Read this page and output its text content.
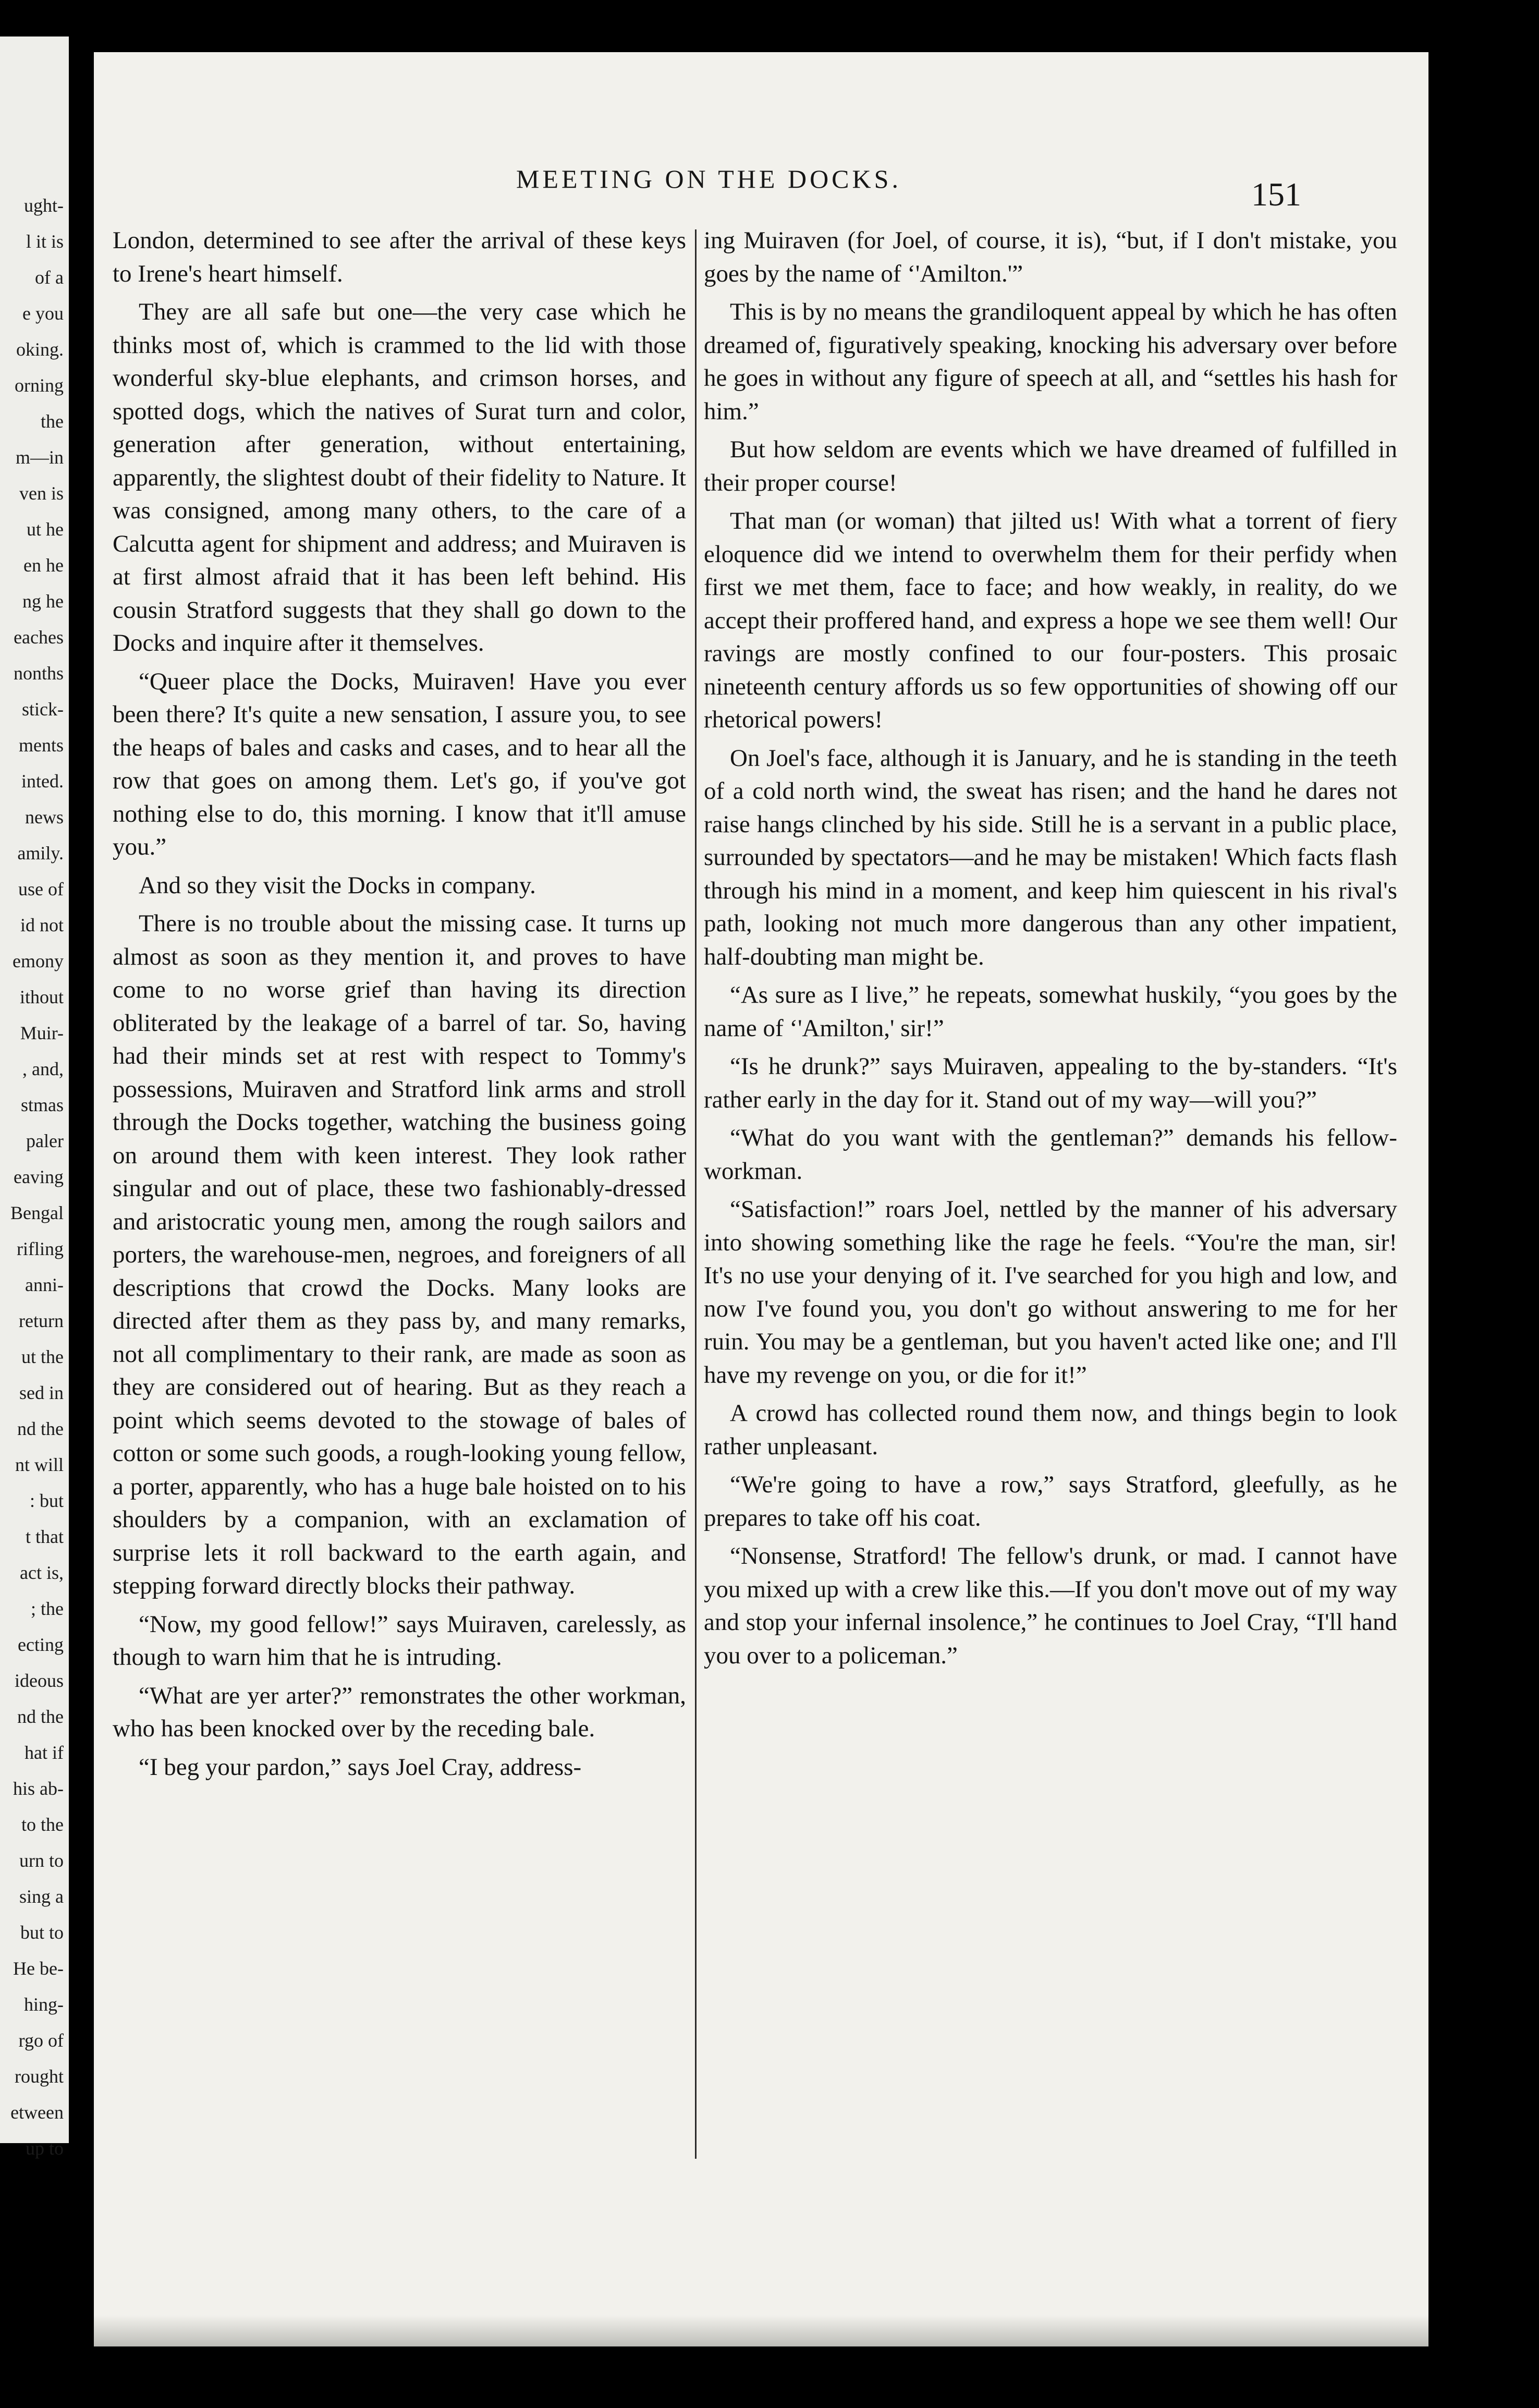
ught-
l it is
of a
e you
oking.
orning
the
m—in
ven is
ut he
en he
ng he
eaches
nonths
stick-
ments
inted.
news
amily.
use of
id not
emony
ithout
Muir-
, and,
stmas
paler
eaving
Bengal
rifling
anni-
return
ut the
sed in
nd the
nt will
: but
t that
act is,
; the
ecting
ideous
nd the
hat if
his ab-
to the
urn to
sing a
but to
He be-
hing-
rgo of
rought
etween
up to
MEETING ON THE DOCKS.	151

London, determined to see after the arrival of these keys to Irene's heart himself.

They are all safe but one—the very case which he thinks most of, which is crammed to the lid with those wonderful sky-blue elephants, and crimson horses, and spotted dogs, which the natives of Surat turn and color, generation after generation, without entertaining, apparently, the slightest doubt of their fidelity to Nature. It was consigned, among many others, to the care of a Calcutta agent for shipment and address; and Muiraven is at first almost afraid that it has been left behind. His cousin Stratford suggests that they shall go down to the Docks and inquire after it themselves.

“Queer place the Docks, Muiraven! Have you ever been there? It's quite a new sensation, I assure you, to see the heaps of bales and casks and cases, and to hear all the row that goes on among them. Let's go, if you've got nothing else to do, this morning. I know that it'll amuse you.”

And so they visit the Docks in company.

There is no trouble about the missing case. It turns up almost as soon as they mention it, and proves to have come to no worse grief than having its direction obliterated by the leakage of a barrel of tar. So, having had their minds set at rest with respect to Tommy's possessions, Muiraven and Stratford link arms and stroll through the Docks together, watching the business going on around them with keen interest. They look rather singular and out of place, these two fashionably-dressed and aristocratic young men, among the rough sailors and porters, the warehouse-men, negroes, and foreigners of all descriptions that crowd the Docks. Many looks are directed after them as they pass by, and many remarks, not all complimentary to their rank, are made as soon as they are considered out of hearing. But as they reach a point which seems devoted to the stowage of bales of cotton or some such goods, a rough-looking young fellow, a porter, apparently, who has a huge bale hoisted on to his shoulders by a companion, with an exclamation of surprise lets it roll backward to the earth again, and stepping forward directly blocks their pathway.

“Now, my good fellow!” says Muiraven, carelessly, as though to warn him that he is intruding.

“What are yer arter?” remonstrates the other workman, who has been knocked over by the receding bale.

“I beg your pardon,” says Joel Cray, address-

ing Muiraven (for Joel, of course, it is), “but, if I don't mistake, you goes by the name of ‘'Amilton.'”

This is by no means the grandiloquent appeal by which he has often dreamed of, figuratively speaking, knocking his adversary over before he goes in without any figure of speech at all, and “settles his hash for him.”

But how seldom are events which we have dreamed of fulfilled in their proper course!

That man (or woman) that jilted us! With what a torrent of fiery eloquence did we intend to overwhelm them for their perfidy when first we met them, face to face; and how weakly, in reality, do we accept their proffered hand, and express a hope we see them well! Our ravings are mostly confined to our four-posters. This prosaic nineteenth century affords us so few opportunities of showing off our rhetorical powers!

On Joel's face, although it is January, and he is standing in the teeth of a cold north wind, the sweat has risen; and the hand he dares not raise hangs clinched by his side. Still he is a servant in a public place, surrounded by spectators—and he may be mistaken! Which facts flash through his mind in a moment, and keep him quiescent in his rival's path, looking not much more dangerous than any other impatient, half-doubting man might be.

“As sure as I live,” he repeats, somewhat huskily, “you goes by the name of ‘'Amilton,' sir!”

“Is he drunk?” says Muiraven, appealing to the by-standers. “It's rather early in the day for it. Stand out of my way—will you?”

“What do you want with the gentleman?” demands his fellow-workman.

“Satisfaction!” roars Joel, nettled by the manner of his adversary into showing something like the rage he feels. “You're the man, sir! It's no use your denying of it. I've searched for you high and low, and now I've found you, you don't go without answering to me for her ruin. You may be a gentleman, but you haven't acted like one; and I'll have my revenge on you, or die for it!”

A crowd has collected round them now, and things begin to look rather unpleasant.

“We're going to have a row,” says Stratford, gleefully, as he prepares to take off his coat.

“Nonsense, Stratford! The fellow's drunk, or mad. I cannot have you mixed up with a crew like this.—If you don't move out of my way and stop your infernal insolence,” he continues to Joel Cray, “I'll hand you over to a policeman.”
